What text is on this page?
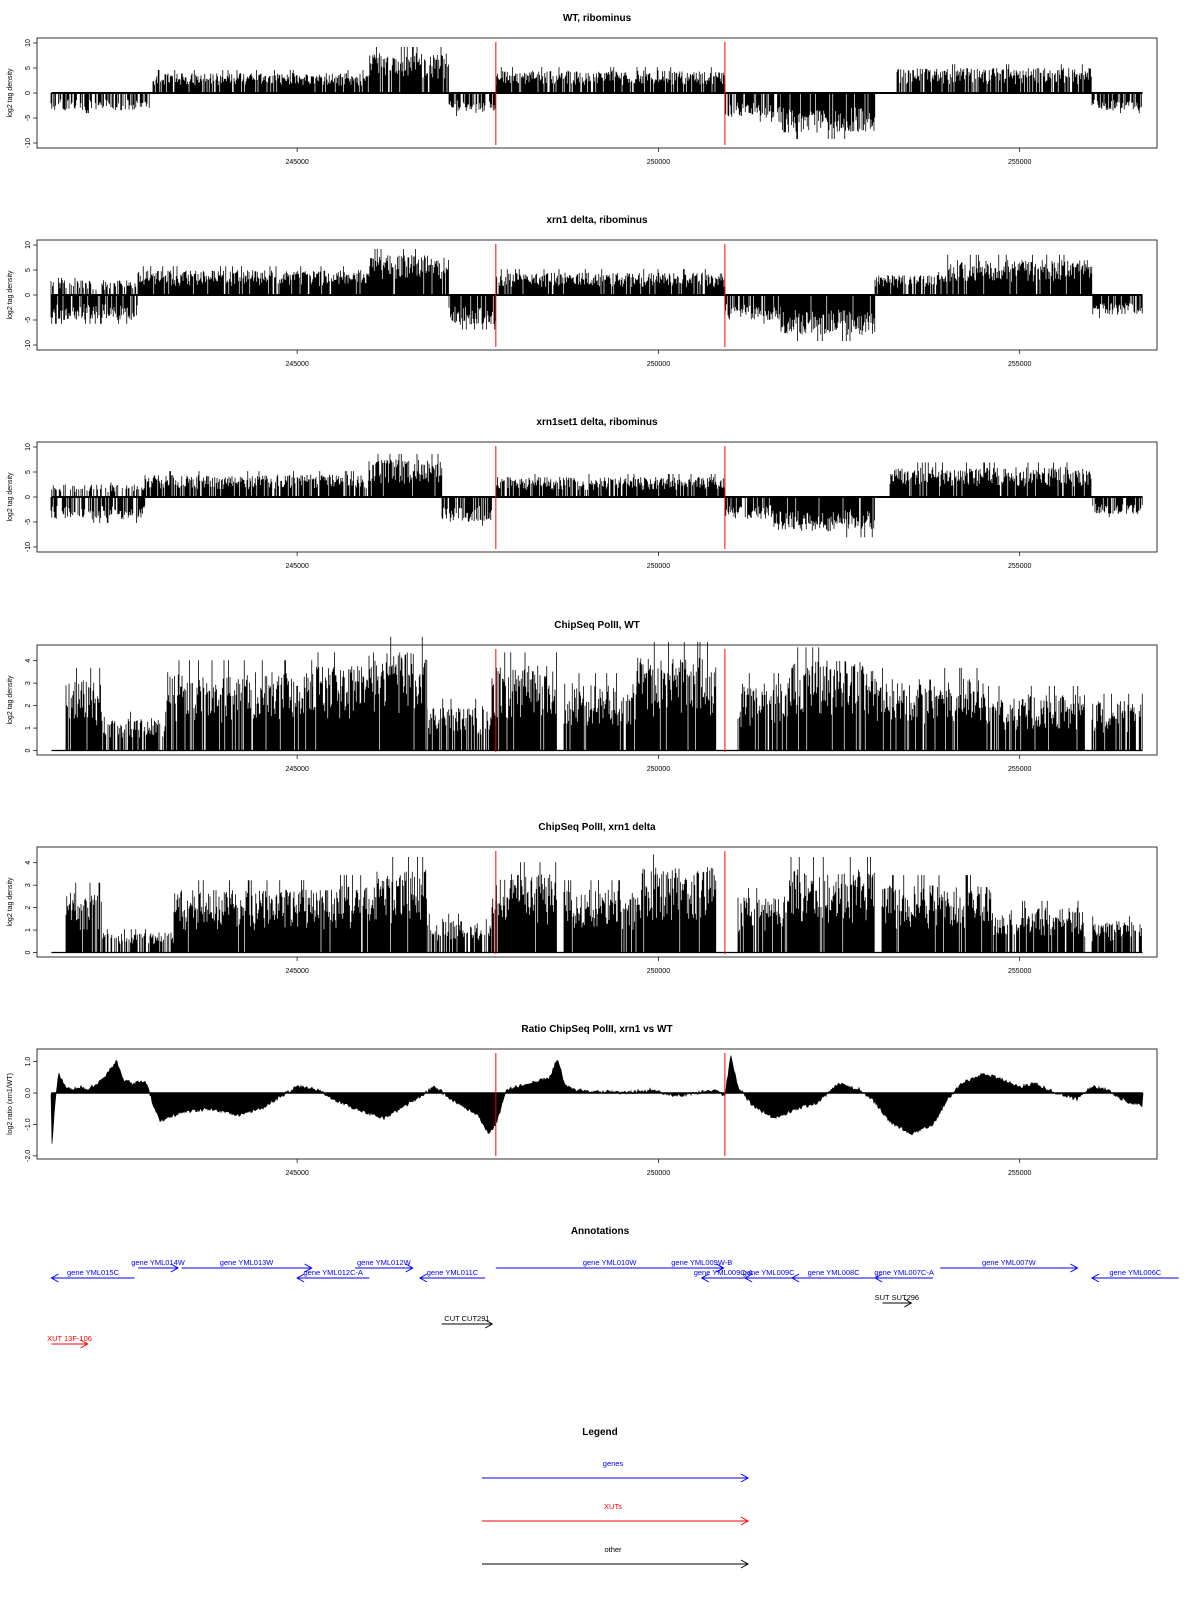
WT, ribominus
10
5
0
-5
-10
log2 tag density
245000	250000	255000
xrn1 delta, ribominus
10
5
0
-5
-10
log2 tag density
245000	250000	255000
xrn1set1 delta, ribominus
10
5
0
-5
-10
log2 tag density
245000	250000	255000
ChipSeq PolII, WT
4
3
2
1
0
log2 tag density
245000	250000	255000
ChipSeq PolII, xrn1 delta
4
3
2
1
0
log2 tag density
245000	250000	255000
Ratio ChipSeq PolII, xrn1 vs WT
1.0
0.0
-1.0
-2.0
log2 ratio (xrn1/WT)
245000	250000	255000
Annotations
gene YML015C
gene YML014W	gene YML013W
gene YML012C-A
gene YML012W
gene YML011C
gene YML010W	gene YML009W-B
gene YML009C-A
gene YML009C gene YML008C gene YML007C-A
gene YML007W
gene YML006C
SUT SUT296
CUT CUT291
XUT 13F-106
Legend
genes
XUTs
other
